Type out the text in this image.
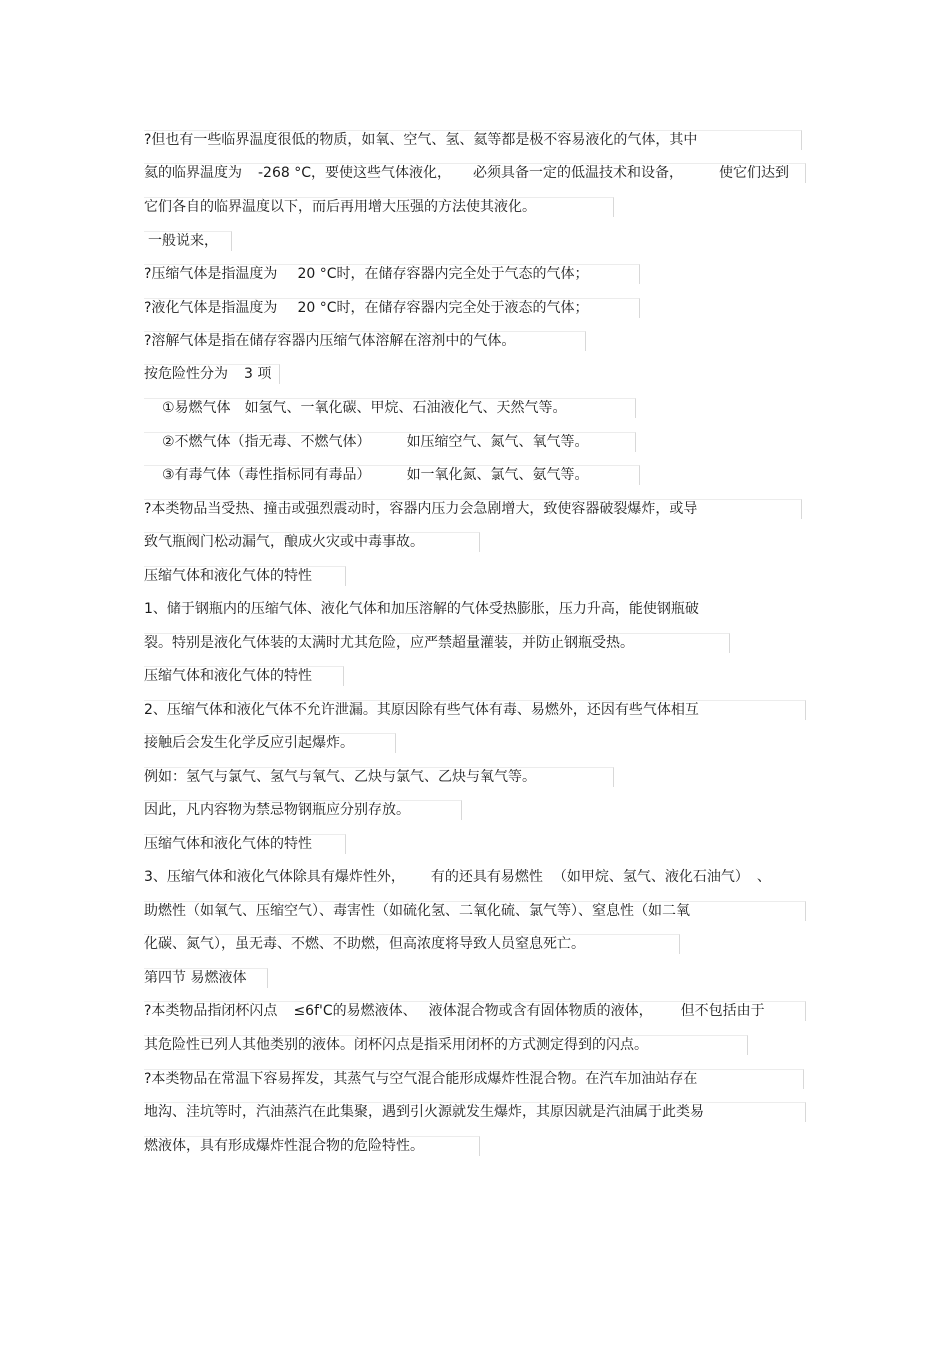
?但也有一些临界温度很低的物质，如氧、空气、氢、氦等都是极不容易液化的气体，其中
氦的临界温度为 -268 °C，要使这些气体液化， 必须具备一定的低温技术和设备，	使它们达到
它们各自的临界温度以下，而后再用增大压强的方法使其液化。
一般说来，
?压缩气体是指温度为 20 °C时，在储存容器内完全处于气态的气体；
?液化气体是指温度为 20 °C时，在储存容器内完全处于液态的气体；
?溶解气体是指在储存容器内压缩气体溶解在溶剂中的气体。
按危险性分为 3 项
①易燃气体 如氢气、一氧化碳、甲烷、石油液化气、天然气等。
②不燃气体（指无毒、不燃气体）	如压缩空气、氮气、氧气等。
③有毒气体（毒性指标同有毒品）	如一氧化氮、氯气、氨气等。
?本类物品当受热、撞击或强烈震动时，容器内压力会急剧增大，致使容器破裂爆炸，或导
致气瓶阀门松动漏气，酿成火灾或中毒事故。
压缩气体和液化气体的特性
1、储于钢瓶内的压缩气体、液化气体和加压溶解的气体受热膨胀，压力升高，能使钢瓶破
裂。特别是液化气体装的太满时尤其危险，应严禁超量灌装，并防止钢瓶受热。
压缩气体和液化气体的特性
2、压缩气体和液化气体不允许泄漏。其原因除有些气体有毒、易燃外，还因有些气体相互
接触后会发生化学反应引起爆炸。
例如：氢气与氯气、氢气与氧气、乙炔与氯气、乙炔与氧气等。
因此，凡内容物为禁忌物钢瓶应分别存放。
压缩气体和液化气体的特性
3、压缩气体和液化气体除具有爆炸性外， 有的还具有易燃性 （如甲烷、氢气、液化石油气） 、
助燃性（如氧气、压缩空气）、毒害性（如硫化氢、二氧化硫、氯气等）、窒息性（如二氧
化碳、氮气），虽无毒、不燃、不助燃，但高浓度将导致人员窒息死亡。
第四节 易燃液体
?本类物品指闭杯闪点 ≤6f'C的易燃液体、 液体混合物或含有固体物质的液体， 但不包括由于
其危险性已列人其他类别的液体。闭杯闪点是指采用闭杯的方式测定得到的闪点。
?本类物品在常温下容易挥发，其蒸气与空气混合能形成爆炸性混合物。在汽车加油站存在
地沟、洼坑等时，汽油蒸汽在此集聚，遇到引火源就发生爆炸，其原因就是汽油属于此类易
燃液体，具有形成爆炸性混合物的危险特性。
